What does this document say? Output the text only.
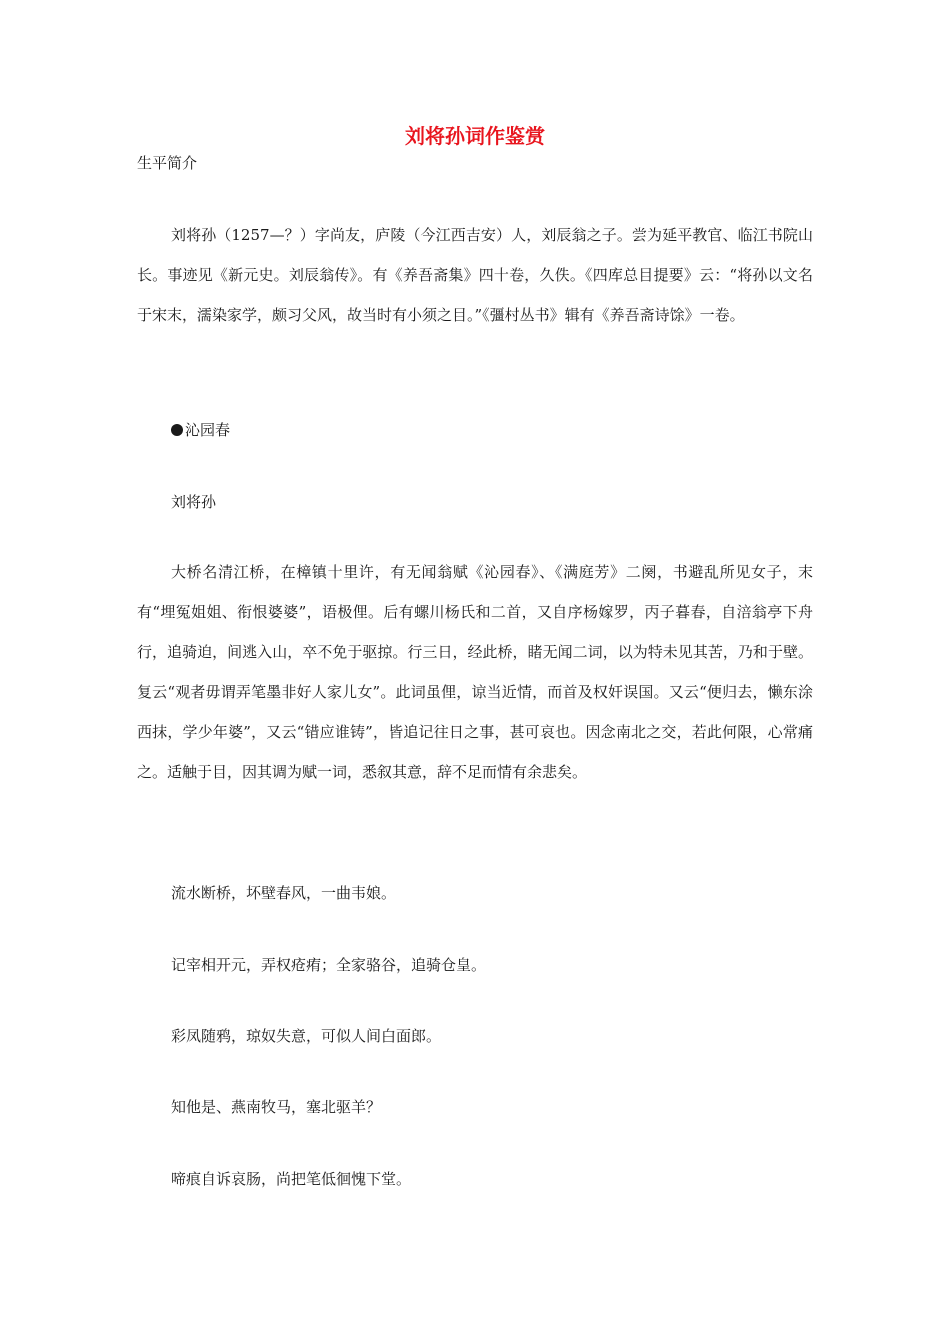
刘将孙词作鉴赏
生平简介

刘将孙（1257—？）字尚友，庐陵（今江西吉安）人，刘辰翁之子。尝为延平教官、临江书院山长。事迹见《新元史。刘辰翁传》。有《养吾斋集》四十卷，久佚。《四库总目提要》云：“将孙以文名于宋末，濡染家学，颇习父风，故当时有小须之目。”《彊村丛书》辑有《养吾斋诗馀》一卷。

沁园春
刘将孙

大桥名清江桥，在樟镇十里许，有无闻翁赋《沁园春》、《满庭芳》二阕，书避乱所见女子，末有“埋冤姐姐、衔恨婆婆”，语极俚。后有螺川杨氏和二首，又自序杨嫁罗，丙子暮春，自涪翁亭下舟行，追骑迫，间逃入山，卒不免于驱掠。行三日，经此桥，睹无闻二词，以为特未见其苦，乃和于壁。复云“观者毋谓弄笔墨非好人家儿女”。此词虽俚，谅当近情，而首及权奸误国。又云“便归去，懒东涂西抹，学少年婆”，又云“错应谁铸”，皆追记往日之事，甚可哀也。因念南北之交，若此何限，心常痛之。适触于目，因其调为赋一词，悉叙其意，辞不足而情有余悲矣。

流水断桥，坏壁春风，一曲韦娘。
记宰相开元，弄权疮痏；全家骆谷，追骑仓皇。
彩凤随鸦，琼奴失意，可似人间白面郎。
知他是、燕南牧马，塞北驱羊？
啼痕自诉哀肠，尚把笔低徊愧下堂。
